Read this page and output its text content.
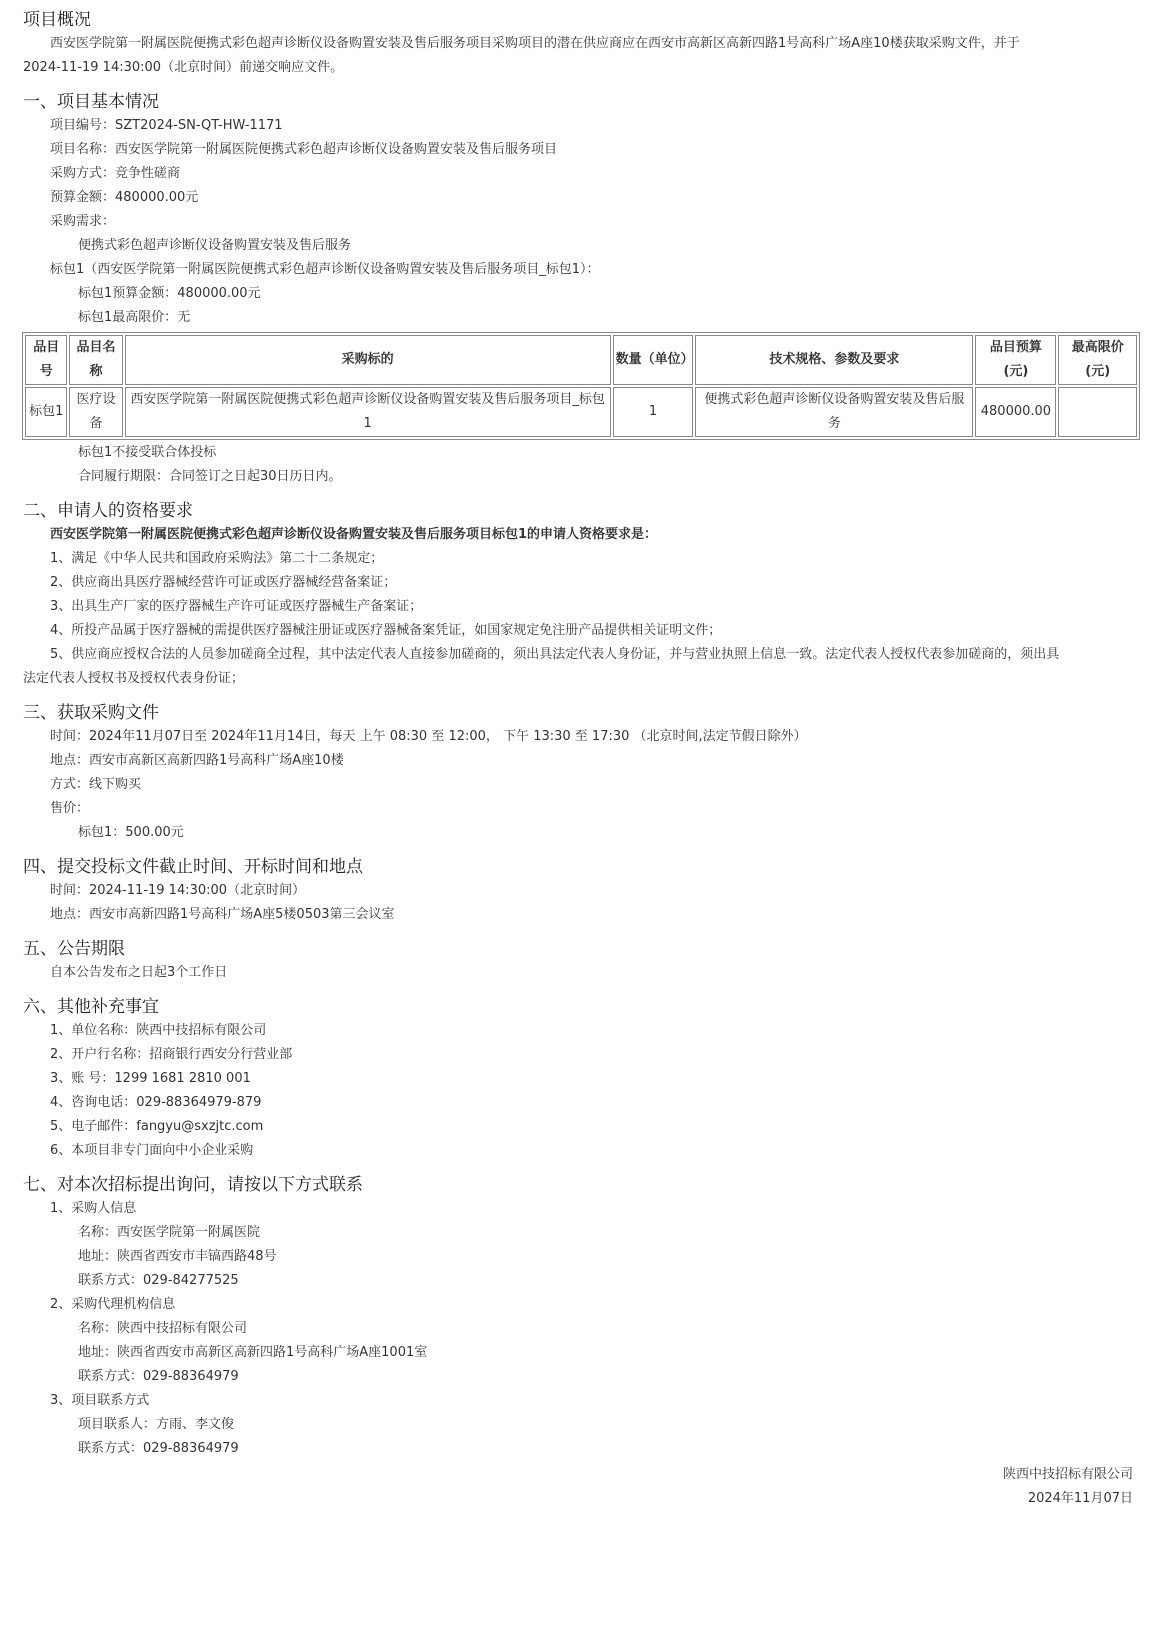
项目概况
西安医学院第一附属医院便携式彩色超声诊断仪设备购置安装及售后服务项目采购项目的潜在供应商应在西安市高新区高新四路1号高科广场A座10楼获取采购文件，并于
2024-11-19 14:30:00（北京时间）前递交响应文件。
一、项目基本情况
项目编号：SZT2024-SN-QT-HW-1171
项目名称：西安医学院第一附属医院便携式彩色超声诊断仪设备购置安装及售后服务项目
采购方式：竞争性磋商
预算金额：480000.00元
采购需求：
便携式彩色超声诊断仪设备购置安装及售后服务
标包1（西安医学院第一附属医院便携式彩色超声诊断仪设备购置安装及售后服务项目_标包1）：
标包1预算金额：480000.00元
标包1最高限价：无
品目号	品目名称	采购标的	数量（单位）	技术规格、参数及要求	品目预算(元)	最高限价(元)
标包1	医疗设备	西安医学院第一附属医院便携式彩色超声诊断仪设备购置安装及售后服务项目_标包1	1	便携式彩色超声诊断仪设备购置安装及售后服务	480000.00	
标包1不接受联合体投标
合同履行期限：合同签订之日起30日历日内。
二、申请人的资格要求
西安医学院第一附属医院便携式彩色超声诊断仪设备购置安装及售后服务项目标包1的申请人资格要求是：
1、满足《中华人民共和国政府采购法》第二十二条规定；
2、供应商出具医疗器械经营许可证或医疗器械经营备案证；
3、出具生产厂家的医疗器械生产许可证或医疗器械生产备案证；
4、所投产品属于医疗器械的需提供医疗器械注册证或医疗器械备案凭证，如国家规定免注册产品提供相关证明文件；
5、供应商应授权合法的人员参加磋商全过程，其中法定代表人直接参加磋商的，须出具法定代表人身份证，并与营业执照上信息一致。法定代表人授权代表参加磋商的，须出具
法定代表人授权书及授权代表身份证；
三、获取采购文件
时间：2024年11月07日至 2024年11月14日，每天 上午 08:30 至 12:00， 下午 13:30 至 17:30 （北京时间,法定节假日除外）
地点：西安市高新区高新四路1号高科广场A座10楼
方式：线下购买
售价：
标包1：500.00元
四、提交投标文件截止时间、开标时间和地点
时间：2024-11-19 14:30:00（北京时间）
地点：西安市高新四路1号高科广场A座5楼0503第三会议室
五、公告期限
自本公告发布之日起3个工作日
六、其他补充事宜
1、单位名称：陕西中技招标有限公司
2、开户行名称：招商银行西安分行营业部
3、账 号：1299 1681 2810 001
4、咨询电话：029-88364979-879
5、电子邮件：fangyu@sxzjtc.com
6、本项目非专门面向中小企业采购
七、对本次招标提出询问，请按以下方式联系
1、采购人信息
名称：西安医学院第一附属医院
地址：陕西省西安市丰镐西路48号
联系方式：029-84277525
2、采购代理机构信息
名称：陕西中技招标有限公司
地址：陕西省西安市高新区高新四路1号高科广场A座1001室
联系方式：029-88364979
3、项目联系方式
项目联系人：方雨、李文俊
联系方式：029-88364979
陕西中技招标有限公司
2024年11月07日
